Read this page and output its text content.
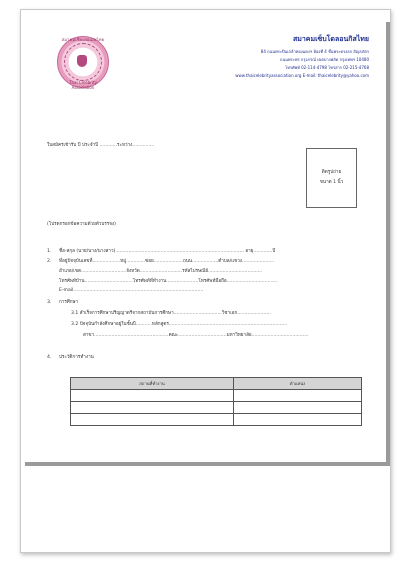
สมาคมเซ็บเดอเมษไทย
Thai Celebrity Association
สมาคมเซ็บโดลอนกิสไทย
84 ถนนพระปิ่นเกล้าทองแดงฯ ห้องที่ 4 ชั้นพระดรงลก สัญลภัตร
ถนนพระพร กรุงภรณ์ เขตบางพลัด กรุงเทพฯ 10480
โทรศัพท์ 02-114-4798 โทรสาร 02-215-4768
www.thaicelebrityassociation.org E-mail: thaicelebrity@yahoo.com
ใบสมัครเข้ารับ ปี ประจำปี ............ระหว่าง...............
ติดรูปถ่าย
ขนาด 1 นิ้ว
(โปรดกรอกข้อความด้วยตัวบรรจง)
1. ชื่อ-สกุล (นาย/นาง/นางสาว)........................................................................................ อายุ.............ปี
2. ที่อยู่ปัจจุบันเลขที่...................หมู่.............ซอย....................ถนน..................ตำบล/แขวง......................
อำเภอ/เขต...............................จังหวัด.............................รหัสไปรษณีย์.....................................
โทรศัพท์บ้าน.................................โทรศัพท์ที่ทำงาน......................โทรศัพท์มือถือ...................................
E-mail.........................................................................................
3. การศึกษา
3.1 สำเร็จการศึกษาปริญญาตรีจากสถาบันการศึกษา.................................วิชาเอก.......................
3.2 ปัจจุบันกำลังศึกษาอยู่ในชั้นปี...........หลักสูตร.................................................................................
สาขา...................................................คณะ.................................มหาวิทยาลัย.......................................
4. ประวัติการทำงาน
สถานที่ทำงาน	ตำแหน่ง
